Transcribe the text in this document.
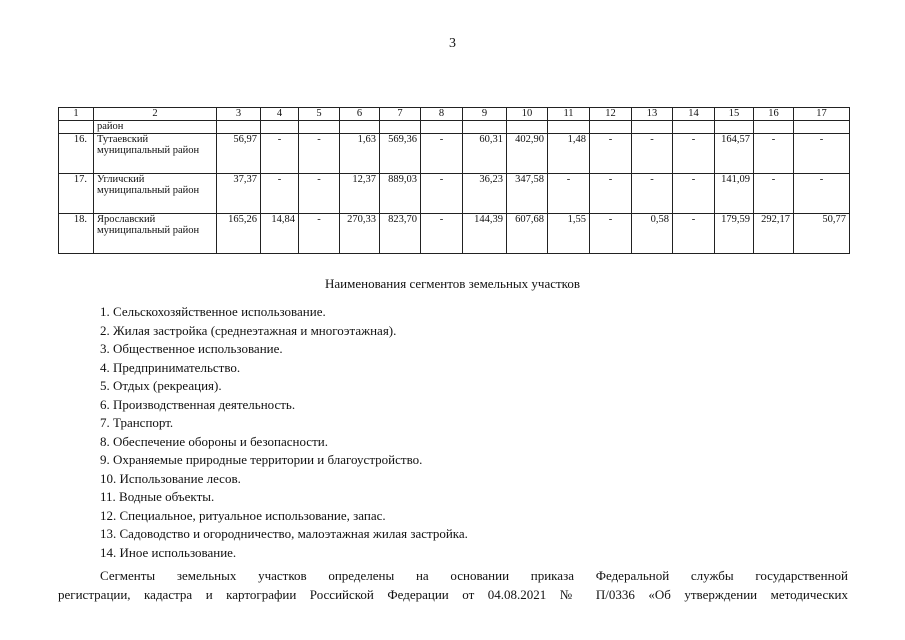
3
1	2	3	4	5	6	7	8	9	10	11	12	13	14	15	16	17
	район															
16.	Тутаевский муниципальный район	56,97	-	-	1,63	569,36	-	60,31	402,90	1,48	-	-	-	164,57	-	-
17.	Угличский муниципальный район	37,37	-	-	12,37	889,03	-	36,23	347,58	-	-	-	-	141,09	-	-
18.	Ярославский муниципальный район	165,26	14,84	-	270,33	823,70	-	144,39	607,68	1,55	-	0,58	-	179,59	292,17	50,77
Наименования сегментов земельных участков
1. Сельскохозяйственное использование.
2. Жилая застройка (среднеэтажная и многоэтажная).
3. Общественное использование.
4. Предпринимательство.
5. Отдых (рекреация).
6. Производственная деятельность.
7. Транспорт.
8. Обеспечение обороны и безопасности.
9. Охраняемые природные территории и благоустройство.
10. Использование лесов.
11. Водные объекты.
12. Специальное, ритуальное использование, запас.
13. Садоводство и огородничество, малоэтажная жилая застройка.
14. Иное использование.
Сегменты земельных участков определены на основании приказа Федеральной службы государственной
регистрации, кадастра и картографии Российской Федерации от 04.08.2021 № П/0336 «Об утверждении методических
